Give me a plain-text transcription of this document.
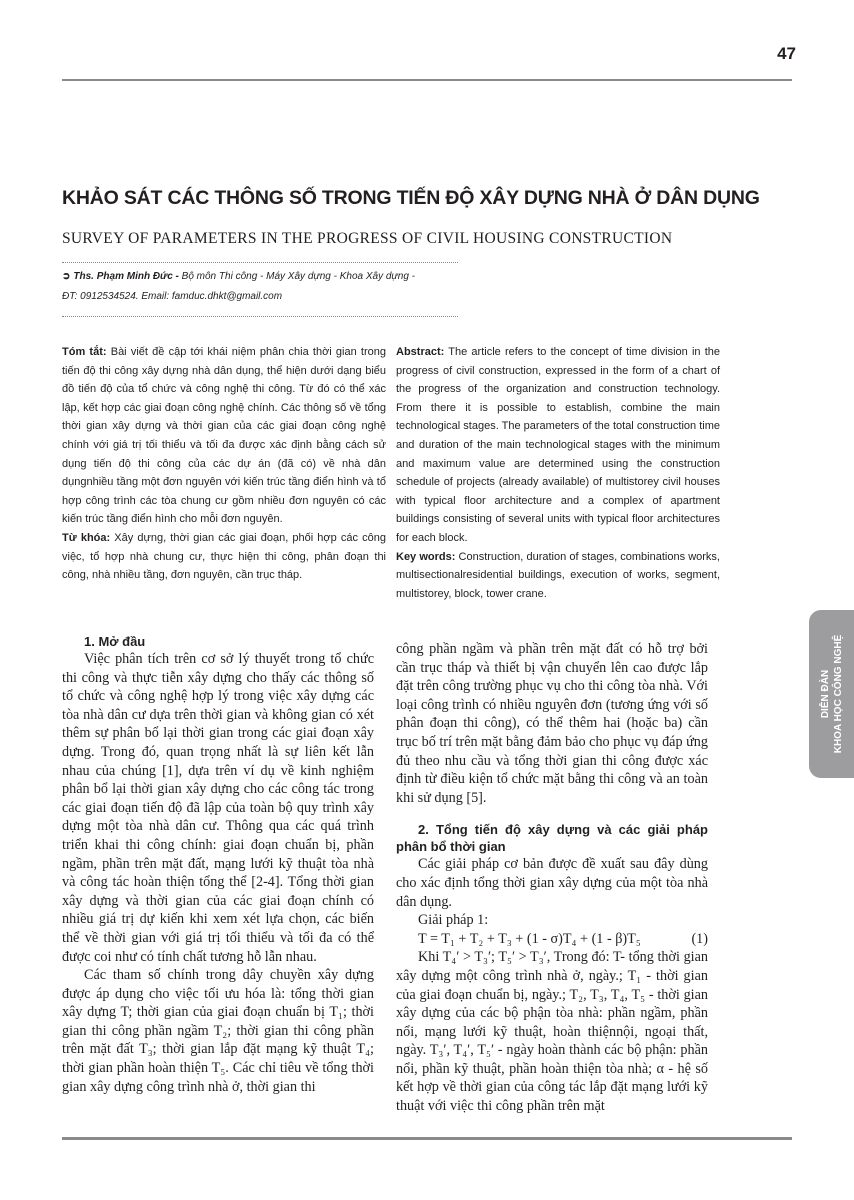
47
KHẢO SÁT CÁC THÔNG SỐ TRONG TIẾN ĐỘ XÂY DỰNG NHÀ Ở DÂN DỤNG
SURVEY OF PARAMETERS IN THE PROGRESS OF CIVIL HOUSING CONSTRUCTION
➲ Ths. Phạm Minh Đức - Bộ môn Thi công - Máy Xây dựng - Khoa Xây dựng -
ĐT: 0912534524. Email: famduc.dhkt@gmail.com

Tóm tắt: Bài viết đề cập tới khái niệm phân chia thời gian trong tiến độ thi công xây dựng nhà dân dụng, thể hiện dưới dạng biểu đồ tiến độ của tổ chức và công nghệ thi công. Từ đó có thể xác lập, kết hợp các giai đoạn công nghệ chính. Các thông số về tổng thời gian xây dựng và thời gian của các giai đoạn công nghệ chính với giá trị tối thiểu và tối đa được xác định bằng cách sử dụng tiến độ thi công của các dự án (đã có) về nhà dân dụngnhiều tầng một đơn nguyên với kiến trúc tầng điển hình và tổ hợp công trình các tòa chung cư gồm nhiều đơn nguyên có các kiến trúc tầng điển hình cho mỗi đơn nguyên.

Từ khóa: Xây dựng, thời gian các giai đoạn, phối hợp các công việc, tổ hợp nhà chung cư, thực hiện thi công, phân đoạn thi công, nhà nhiều tầng, đơn nguyên, cần trục tháp.

Abstract: The article refers to the concept of time division in the progress of civil construction, expressed in the form of a chart of the progress of the organization and construction technology. From there it is possible to establish, combine the main technological stages. The parameters of the total construction time and duration of the main technological stages with the minimum and maximum value are determined using the construction schedule of projects (already available) of multistorey civil houses with typical floor architecture and a complex of apartment buildings consisting of several units with typical floor architectures for each block.

Key words: Construction, duration of stages, combinations works, multisectionalresidential buildings, execution of works, segment, multistorey, block, tower crane.

1. Mở đầu

Việc phân tích trên cơ sở lý thuyết trong tổ chức thi công và thực tiễn xây dựng cho thấy các thông số tổ chức và công nghệ hợp lý trong việc xây dựng các tòa nhà dân cư dựa trên thời gian và không gian có xét thêm sự phân bổ lại thời gian trong các giai đoạn xây dựng. Trong đó, quan trọng nhất là sự liên kết lẫn nhau của chúng [1], dựa trên ví dụ về kinh nghiệm phân bổ lại thời gian xây dựng cho các công tác trong các giai đoạn tiến độ đã lập của toàn bộ quy trình xây dựng một tòa nhà dân cư. Thông qua các quá trình triển khai thi công chính: giai đoạn chuẩn bị, phần ngầm, phần trên mặt đất, mạng lưới kỹ thuật tòa nhà và công tác hoàn thiện tổng thể [2-4]. Tổng thời gian xây dựng và thời gian của các giai đoạn chính có nhiều giá trị dự kiến khi xem xét lựa chọn, các biến thể về thời gian với giá trị tối thiểu và tối đa có thể được coi như có tính chất tương hỗ lẫn nhau.

Các tham số chính trong dây chuyền xây dựng được áp dụng cho việc tối ưu hóa là: tổng thời gian xây dựng T; thời gian của giai đoạn chuẩn bị T₁; thời gian thi công phần ngầm T₂; thời gian thi công phần trên mặt đất T₃; thời gian lắp đặt mạng kỹ thuật T₄; thời gian phần hoàn thiện T₅. Các chỉ tiêu về tổng thời gian xây dựng công trình nhà ở, thời gian thi

công phần ngầm và phần trên mặt đất có hỗ trợ bởi cần trục tháp và thiết bị vận chuyển lên cao được lắp đặt trên công trường phục vụ cho thi công tòa nhà. Với loại công trình có nhiều nguyên đơn (tương ứng với số phân đoạn thi công), có thể thêm hai (hoặc ba) cần trục bố trí trên mặt bằng đảm bảo cho phục vụ đáp ứng đủ theo nhu cầu và tổng thời gian thi công được xác định từ điều kiện tổ chức mặt bằng thi công và an toàn khi sử dụng [5].

2. Tổng tiến độ xây dựng và các giải pháp phân bổ thời gian

Các giải pháp cơ bản được đề xuất sau đây dùng cho xác định tổng thời gian xây dựng của một tòa nhà dân dụng.

Giải pháp 1:

T = T₁ + T₂ + T₃ + (1 - σ)T₄ + (1 - β)T₅	(1)

Khi T₄′ > T₃′; T₅′ > T₃′, Trong đó: T- tổng thời gian xây dựng một công trình nhà ở, ngày.; T₁ - thời gian của giai đoạn chuẩn bị, ngày.; T₂, T₃, T₄, T₅ - thời gian xây dựng của các bộ phận tòa nhà: phần ngầm, phần nổi, mạng lưới kỹ thuật, hoàn thiệnnội, ngoại thất, ngày. T₃′, T₄′, T₅′ - ngày hoàn thành các bộ phận: phần nổi, phần kỹ thuật, phần hoàn thiện tòa nhà; α - hệ số kết hợp về thời gian của công tác lắp đặt mạng lưới kỹ thuật với việc thi công phần trên mặt

DIỄN ĐÀN KHOA HỌC CÔNG NGHỆ
